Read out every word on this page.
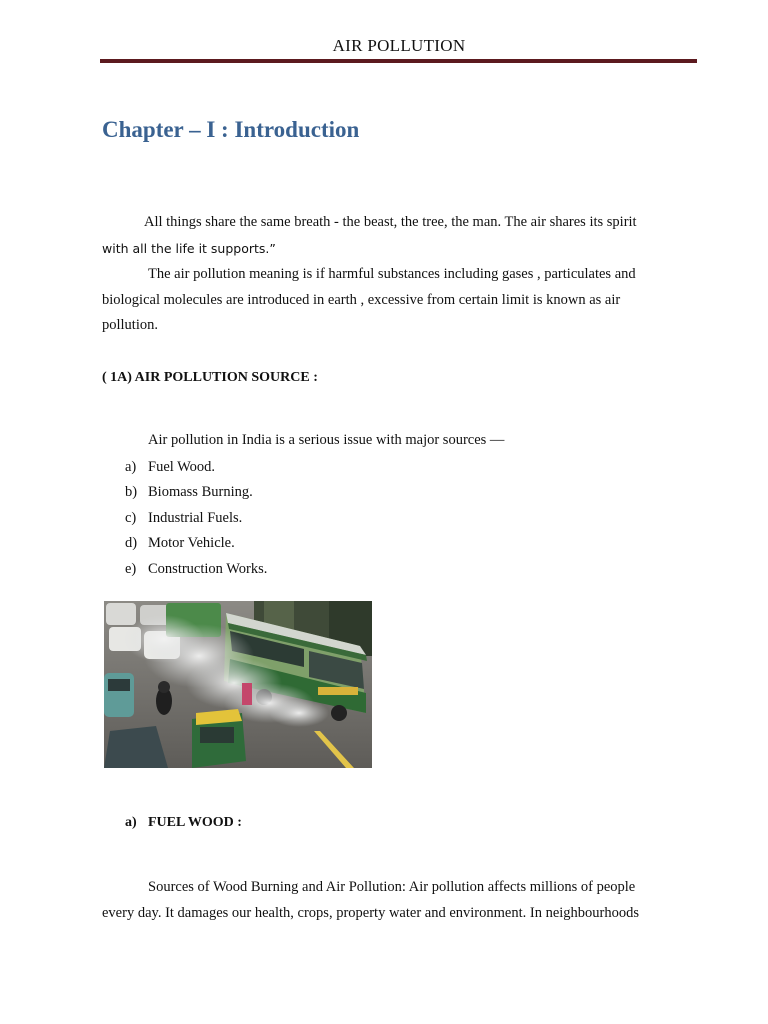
AIR POLLUTION
Chapter – I : Introduction
All things share the same breath - the beast, the tree, the man. The air shares its spirit
with all the life it supports.”
The air pollution meaning is if harmful substances including gases , particulates and
biological molecules are introduced in earth , excessive from certain limit is known as air
pollution.
( 1A) AIR POLLUTION SOURCE :
Air pollution in India is a serious issue with major sources —
a) Fuel Wood.
b) Biomass Burning.
c) Industrial Fuels.
d) Motor Vehicle.
e) Construction Works.
a) FUEL WOOD :
Sources of Wood Burning and Air Pollution: Air pollution affects millions of people
every day. It damages our health, crops, property water and environment. In neighbourhoods
